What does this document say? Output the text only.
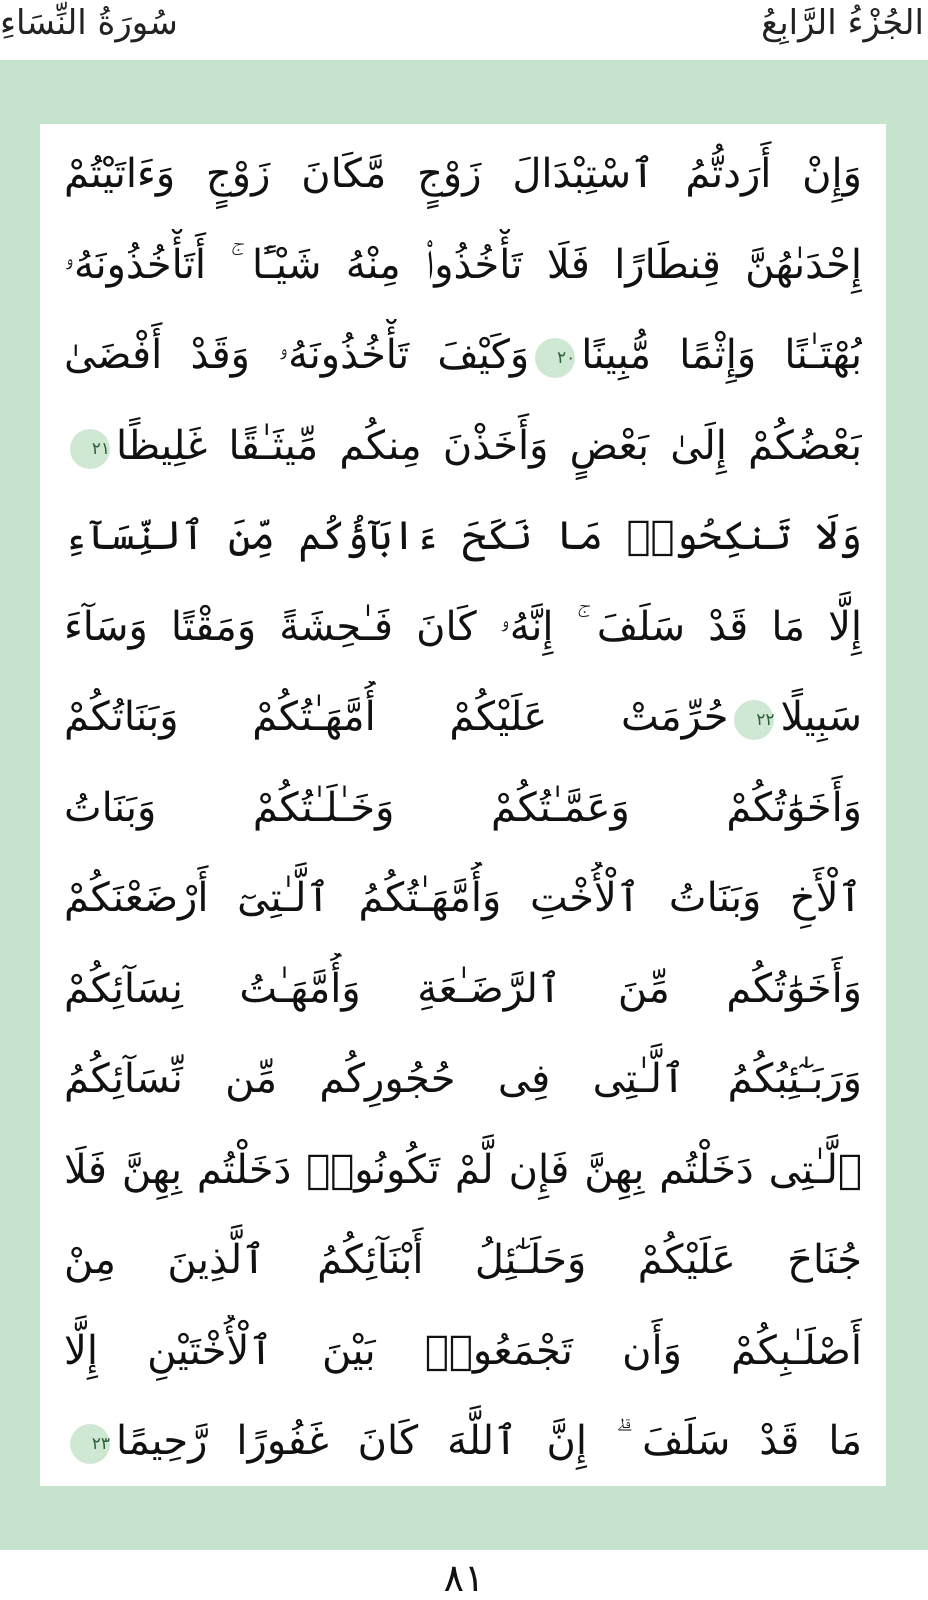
سُورَةُ النِّسَاءِ	الجُزْءُ الرَّابِعُ
وَإِنْ أَرَدتُّمُ ٱسْتِبْدَالَ زَوْجٍ مَّكَانَ زَوْجٍ وَءَاتَيْتُمْ
إِحْدَىٰهُنَّ قِنطَارًا فَلَا تَأْخُذُوا۟ مِنْهُ شَيْـًٔا ۚ أَتَأْخُذُونَهُۥ
بُهْتَـٰنًا وَإِثْمًا مُّبِينًا٢٠وَكَيْفَ تَأْخُذُونَهُۥ وَقَدْ أَفْضَىٰ
بَعْضُكُمْ إِلَىٰ بَعْضٍ وَأَخَذْنَ مِنكُم مِّيثَـٰقًا غَلِيظًا٢١
وَلَا تَنكِحُوا۟ مَا نَكَحَ ءَابَآؤُكُم مِّنَ ٱلنِّسَآءِ
إِلَّا مَا قَدْ سَلَفَ ۚ إِنَّهُۥ كَانَ فَـٰحِشَةً وَمَقْتًا وَسَآءَ
سَبِيلًا٢٢حُرِّمَتْ عَلَيْكُمْ أُمَّهَـٰتُكُمْ وَبَنَاتُكُمْ
وَأَخَوَٰتُكُمْ وَعَمَّـٰتُكُمْ وَخَـٰلَـٰتُكُمْ وَبَنَاتُ
ٱلْأَخِ وَبَنَاتُ ٱلْأُخْتِ وَأُمَّهَـٰتُكُمُ ٱلَّـٰتِىٓ أَرْضَعْنَكُمْ
وَأَخَوَٰتُكُم مِّنَ ٱلرَّضَـٰعَةِ وَأُمَّهَـٰتُ نِسَآئِكُمْ
وَرَبَـٰٓئِبُكُمُ ٱلَّـٰتِى فِى حُجُورِكُم مِّن نِّسَآئِكُمُ
ٱلَّـٰتِى دَخَلْتُم بِهِنَّ فَإِن لَّمْ تَكُونُوا۟ دَخَلْتُم بِهِنَّ فَلَا
جُنَاحَ عَلَيْكُمْ وَحَلَـٰٓئِلُ أَبْنَآئِكُمُ ٱلَّذِينَ مِنْ
أَصْلَـٰبِكُمْ وَأَن تَجْمَعُوا۟ بَيْنَ ٱلْأُخْتَيْنِ إِلَّا
مَا قَدْ سَلَفَ ۗ إِنَّ ٱللَّهَ كَانَ غَفُورًا رَّحِيمًا٢٣
٨١
